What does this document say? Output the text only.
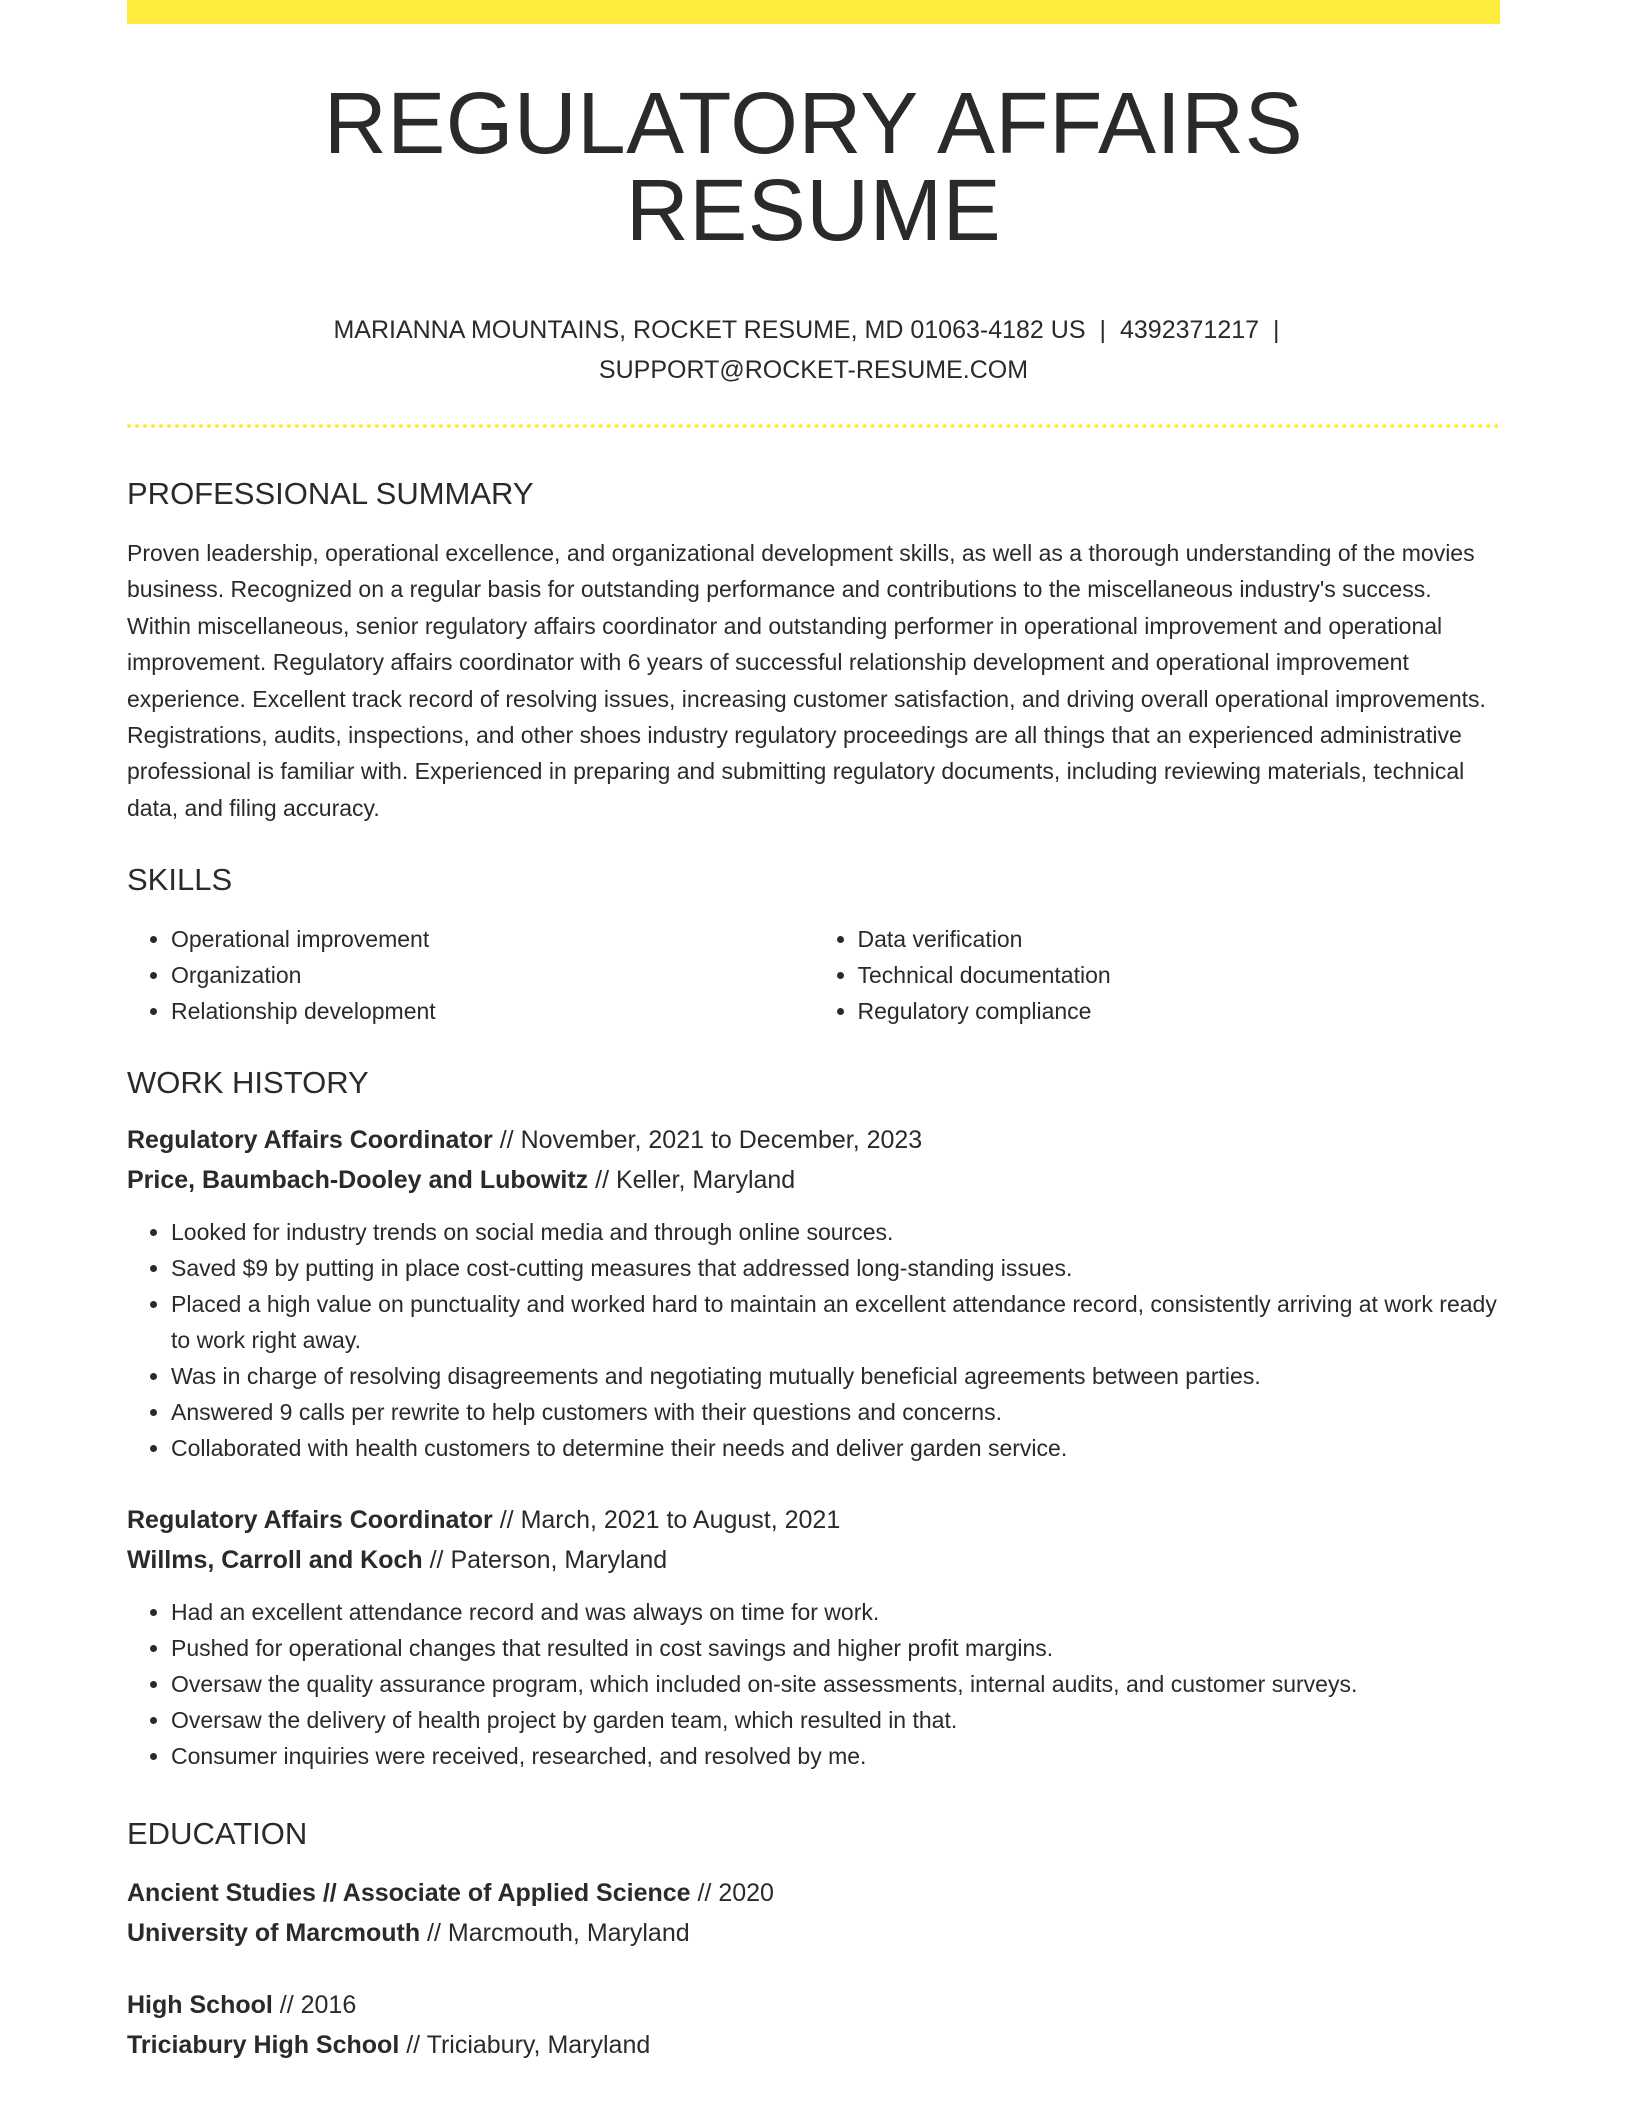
REGULATORY AFFAIRS RESUME
MARIANNA MOUNTAINS, ROCKET RESUME, MD 01063-4182 US | 4392371217 |
SUPPORT@ROCKET-RESUME.COM
PROFESSIONAL SUMMARY

Proven leadership, operational excellence, and organizational development skills, as well as a thorough understanding of the movies business. Recognized on a regular basis for outstanding performance and contributions to the miscellaneous industry's success. Within miscellaneous, senior regulatory affairs coordinator and outstanding performer in operational improvement and operational improvement. Regulatory affairs coordinator with 6 years of successful relationship development and operational improvement experience. Excellent track record of resolving issues, increasing customer satisfaction, and driving overall operational improvements. Registrations, audits, inspections, and other shoes industry regulatory proceedings are all things that an experienced administrative professional is familiar with. Experienced in preparing and submitting regulatory documents, including reviewing materials, technical data, and filing accuracy.

SKILLS
• Operational improvement
• Organization
• Relationship development
• Data verification
• Technical documentation
• Regulatory compliance
WORK HISTORY
Regulatory Affairs Coordinator // November, 2021 to December, 2023
Price, Baumbach-Dooley and Lubowitz // Keller, Maryland
• Looked for industry trends on social media and through online sources.
• Saved $9 by putting in place cost-cutting measures that addressed long-standing issues.
• Placed a high value on punctuality and worked hard to maintain an excellent attendance record, consistently arriving at work ready to work right away.
• Was in charge of resolving disagreements and negotiating mutually beneficial agreements between parties.
• Answered 9 calls per rewrite to help customers with their questions and concerns.
• Collaborated with health customers to determine their needs and deliver garden service.
Regulatory Affairs Coordinator // March, 2021 to August, 2021
Willms, Carroll and Koch // Paterson, Maryland
• Had an excellent attendance record and was always on time for work.
• Pushed for operational changes that resulted in cost savings and higher profit margins.
• Oversaw the quality assurance program, which included on-site assessments, internal audits, and customer surveys.
• Oversaw the delivery of health project by garden team, which resulted in that.
• Consumer inquiries were received, researched, and resolved by me.
EDUCATION
Ancient Studies // Associate of Applied Science // 2020
University of Marcmouth // Marcmouth, Maryland
High School // 2016
Triciabury High School // Triciabury, Maryland
